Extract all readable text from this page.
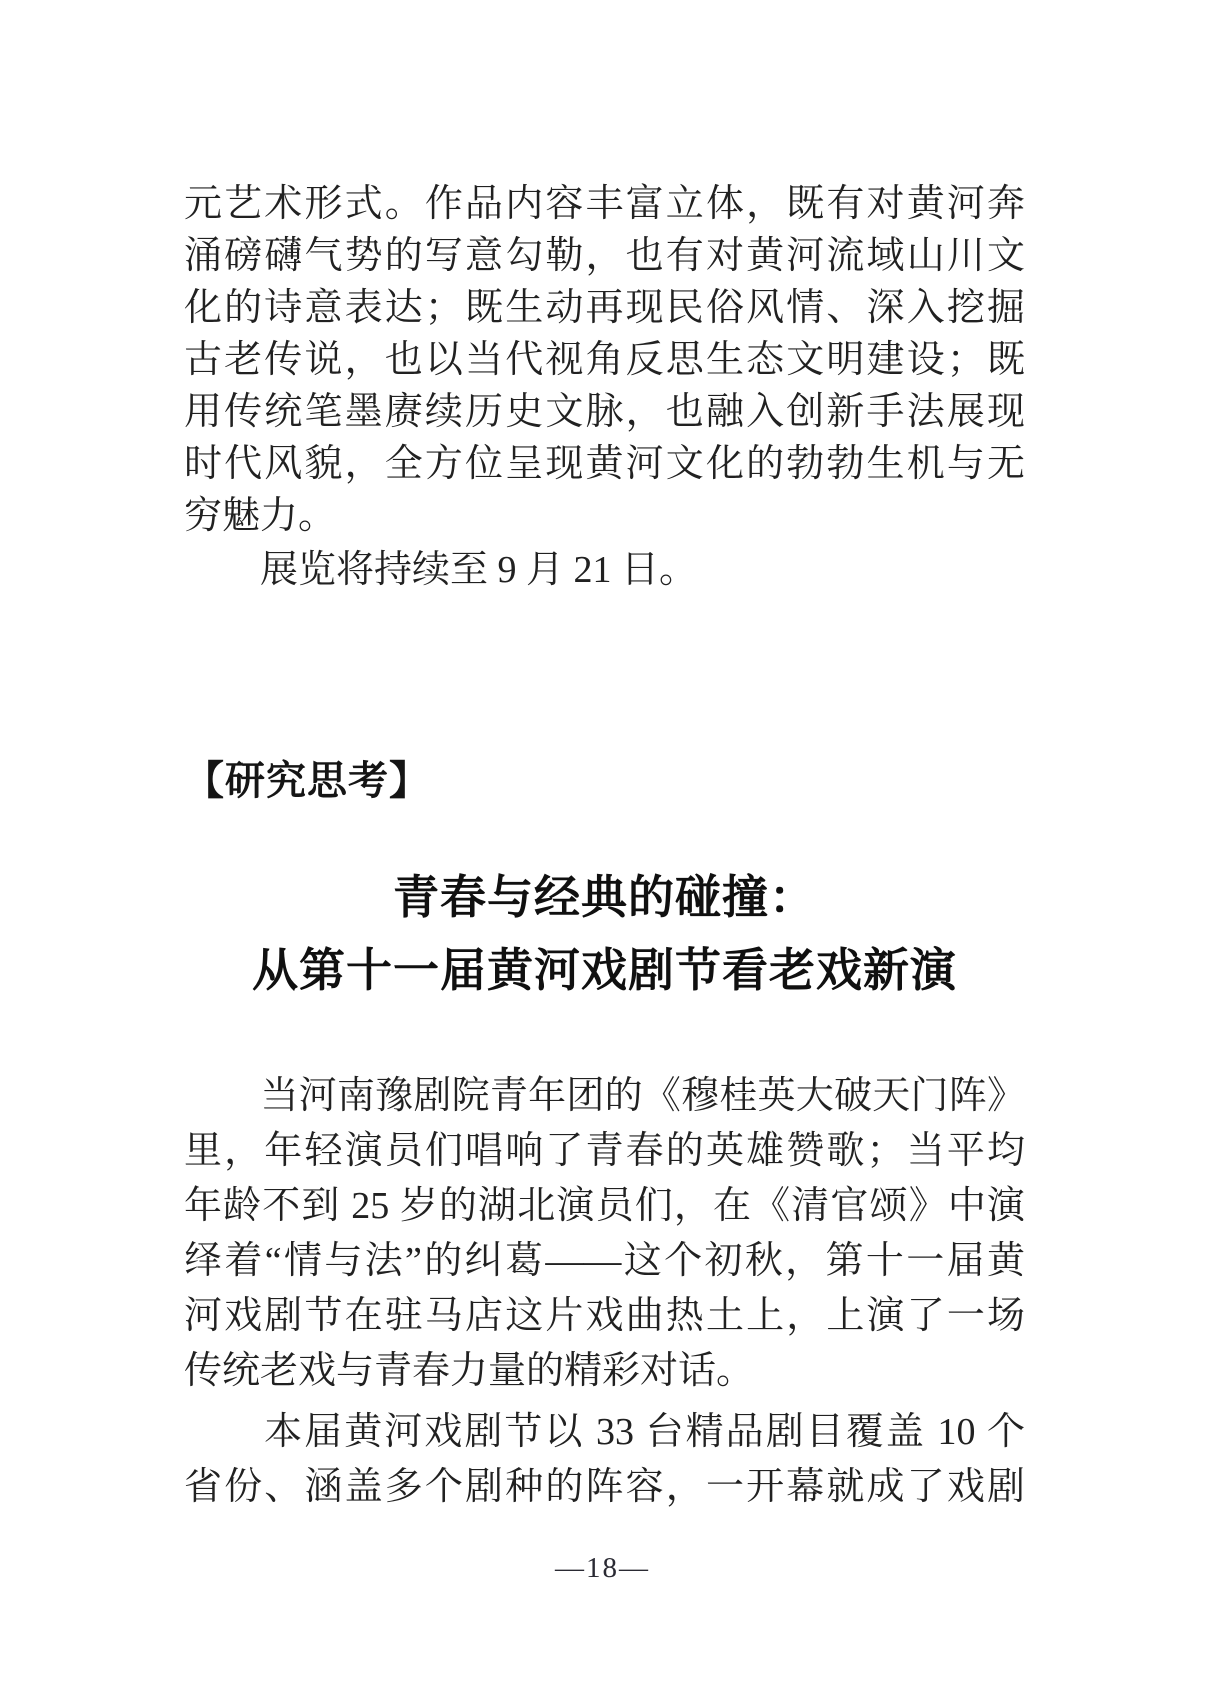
元艺术形式。作品内容丰富立体，既有对黄河奔
涌磅礴气势的写意勾勒，也有对黄河流域山川文
化的诗意表达；既生动再现民俗风情、深入挖掘
古老传说，也以当代视角反思生态文明建设；既
用传统笔墨赓续历史文脉，也融入创新手法展现
时代风貌，全方位呈现黄河文化的勃勃生机与无
穷魅力。
　　展览将持续至 9 月 21 日。
【研究思考】
青春与经典的碰撞：
从第十一届黄河戏剧节看老戏新演
　　当河南豫剧院青年团的《穆桂英大破天门阵》
里，年轻演员们唱响了青春的英雄赞歌；当平均
年龄不到 25 岁的湖北演员们，在《清官颂》中演
绎着“情与法”的纠葛——这个初秋，第十一届黄
河戏剧节在驻马店这片戏曲热土上，上演了一场
传统老戏与青春力量的精彩对话。
　　本届黄河戏剧节以 33 台精品剧目覆盖 10 个
省份、涵盖多个剧种的阵容，一开幕就成了戏剧
—18—
